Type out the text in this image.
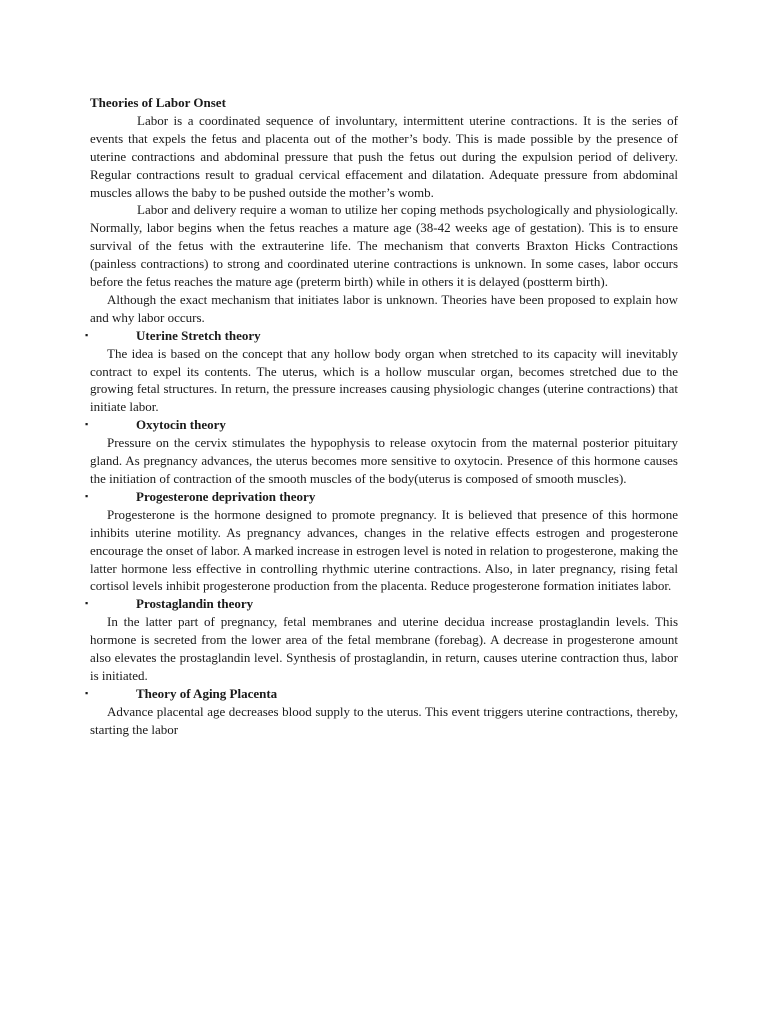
Theories of Labor Onset

Labor is a coordinated sequence of involuntary, intermittent uterine contractions. It is the series of events that expels the fetus and placenta out of the mother’s body. This is made possible by the presence of uterine contractions and abdominal pressure that push the fetus out during the expulsion period of delivery. Regular contractions result to gradual cervical effacement and dilatation. Adequate pressure from abdominal muscles allows the baby to be pushed outside the mother’s womb.

Labor and delivery require a woman to utilize her coping methods psychologically and physiologically. Normally, labor begins when the fetus reaches a mature age (38-42 weeks age of gestation). This is to ensure survival of the fetus with the extrauterine life. The mechanism that converts Braxton Hicks Contractions (painless contractions) to strong and coordinated uterine contractions is unknown. In some cases, labor occurs before the fetus reaches the mature age (preterm birth) while in others it is delayed (postterm birth).

Although the exact mechanism that initiates labor is unknown. Theories have been proposed to explain how and why labor occurs.

▪	Uterine Stretch theory

The idea is based on the concept that any hollow body organ when stretched to its capacity will inevitably contract to expel its contents. The uterus, which is a hollow muscular organ, becomes stretched due to the growing fetal structures. In return, the pressure increases causing physiologic changes (uterine contractions) that initiate labor.

▪	Oxytocin theory

Pressure on the cervix stimulates the hypophysis to release oxytocin from the maternal posterior pituitary gland. As pregnancy advances, the uterus becomes more sensitive to oxytocin. Presence of this hormone causes the initiation of contraction of the smooth muscles of the body(uterus is composed of smooth muscles).

▪	Progesterone deprivation theory

Progesterone is the hormone designed to promote pregnancy. It is believed that presence of this hormone inhibits uterine motility. As pregnancy advances, changes in the relative effects estrogen and progesterone encourage the onset of labor. A marked increase in estrogen level is noted in relation to progesterone, making the latter hormone less effective in controlling rhythmic uterine contractions. Also, in later pregnancy, rising fetal cortisol levels inhibit progesterone production from the placenta. Reduce progesterone formation initiates labor.

▪	Prostaglandin theory

In the latter part of pregnancy, fetal membranes and uterine decidua increase prostaglandin levels. This hormone is secreted from the lower area of the fetal membrane (forebag). A decrease in progesterone amount also elevates the prostaglandin level. Synthesis of prostaglandin, in return, causes uterine contraction thus, labor is initiated.

▪	Theory of Aging Placenta

Advance placental age decreases blood supply to the uterus. This event triggers uterine contractions, thereby, starting the labor
